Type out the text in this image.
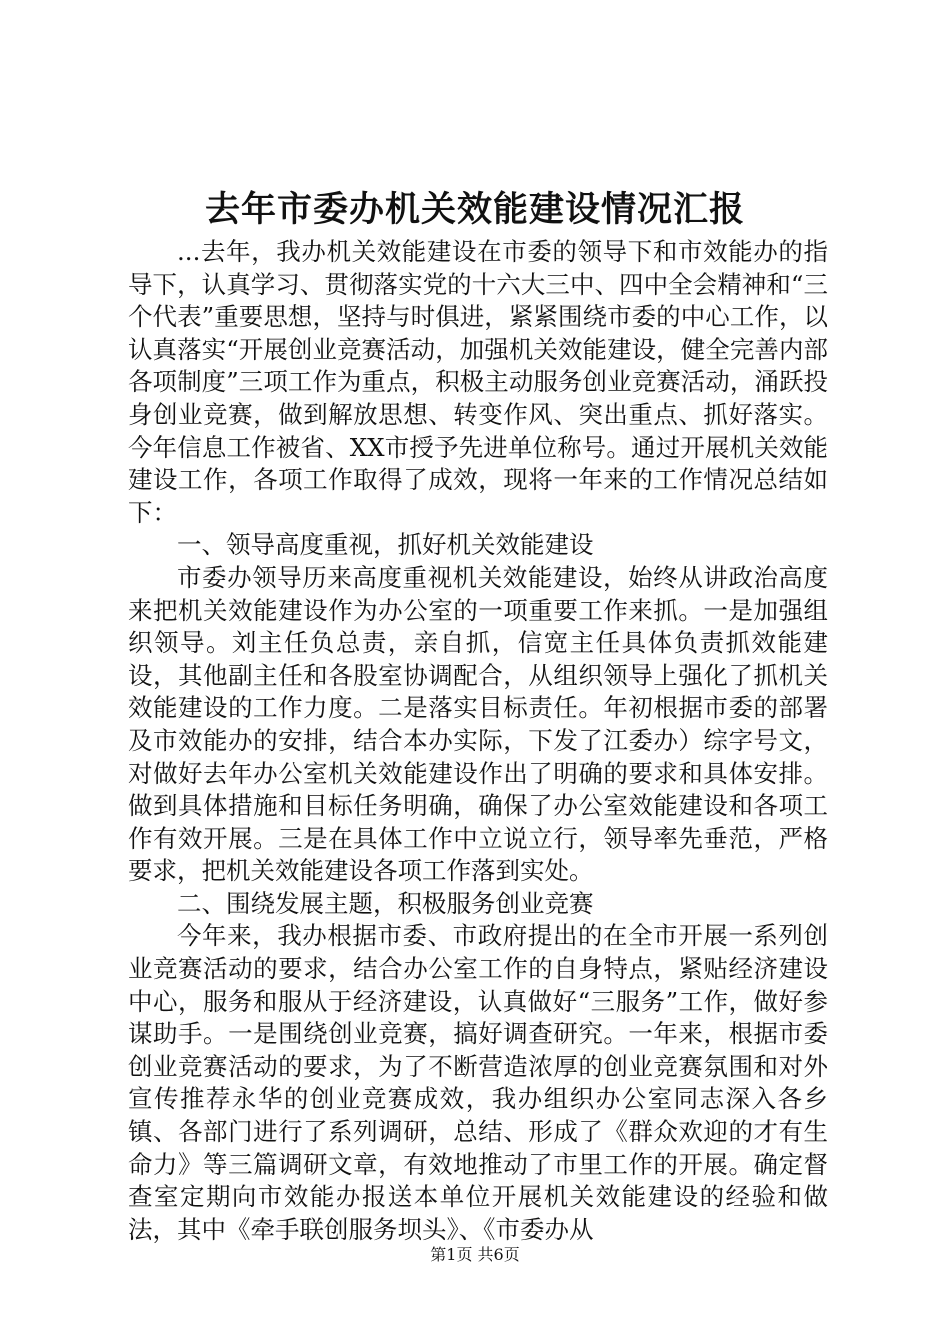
去年市委办机关效能建设情况汇报

...去年，我办机关效能建设在市委的领导下和市效能办的指导下，认真学习、贯彻落实党的十六大三中、四中全会精神和“三个代表”重要思想，坚持与时俱进，紧紧围绕市委的中心工作，以认真落实“开展创业竞赛活动，加强机关效能建设，健全完善内部各项制度”三项工作为重点，积极主动服务创业竞赛活动，涌跃投身创业竞赛，做到解放思想、转变作风、突出重点、抓好落实。今年信息工作被省、XX市授予先进单位称号。通过开展机关效能建设工作，各项工作取得了成效，现将一年来的工作情况总结如下：

一、领导高度重视，抓好机关效能建设

市委办领导历来高度重视机关效能建设，始终从讲政治高度来把机关效能建设作为办公室的一项重要工作来抓。一是加强组织领导。刘主任负总责，亲自抓，信宽主任具体负责抓效能建设，其他副主任和各股室协调配合，从组织领导上强化了抓机关效能建设的工作力度。二是落实目标责任。年初根据市委的部署及市效能办的安排，结合本办实际，下发了江委办）综字号文，对做好去年办公室机关效能建设作出了明确的要求和具体安排。做到具体措施和目标任务明确，确保了办公室效能建设和各项工作有效开展。三是在具体工作中立说立行，领导率先垂范，严格要求，把机关效能建设各项工作落到实处。

二、围绕发展主题，积极服务创业竞赛

今年来，我办根据市委、市政府提出的在全市开展一系列创业竞赛活动的要求，结合办公室工作的自身特点，紧贴经济建设中心，服务和服从于经济建设，认真做好“三服务”工作，做好参谋助手。一是围绕创业竞赛，搞好调查研究。一年来，根据市委创业竞赛活动的要求，为了不断营造浓厚的创业竞赛氛围和对外宣传推荐永华的创业竞赛成效，我办组织办公室同志深入各乡镇、各部门进行了系列调研，总结、形成了《群众欢迎的才有生命力》等三篇调研文章，有效地推动了市里工作的开展。确定督查室定期向市效能办报送本单位开展机关效能建设的经验和做法，其中《牵手联创服务坝头》、《市委办从

第1页 共6页
